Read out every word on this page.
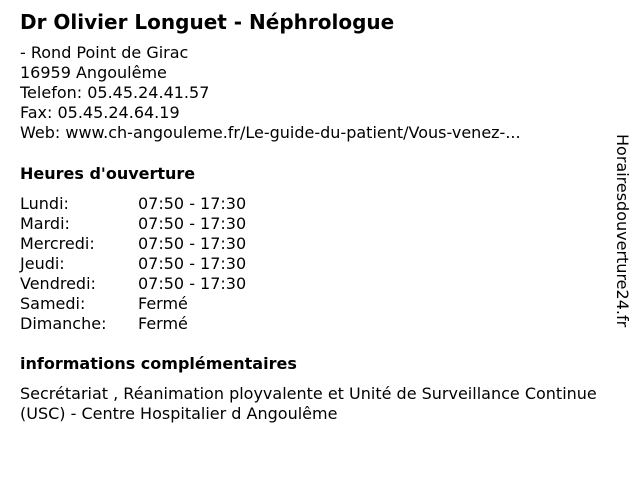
Dr Olivier Longuet - Néphrologue
- Rond Point de Girac
16959 Angoulême
Telefon: 05.45.24.41.57
Fax: 05.45.24.64.19
Web: www.ch-angouleme.fr/Le-guide-du-patient/Vous-venez-...
Heures d'ouverture
Lundi:	07:50 - 17:30
Mardi:	07:50 - 17:30
Mercredi:	07:50 - 17:30
Jeudi:	07:50 - 17:30
Vendredi:	07:50 - 17:30
Samedi:	Fermé
Dimanche: Fermé
informations complémentaires
Secrétariat , Réanimation ployvalente et Unité de Surveillance Continue (USC) - Centre Hospitalier d Angoulême
Horairesdouverture24.fr
